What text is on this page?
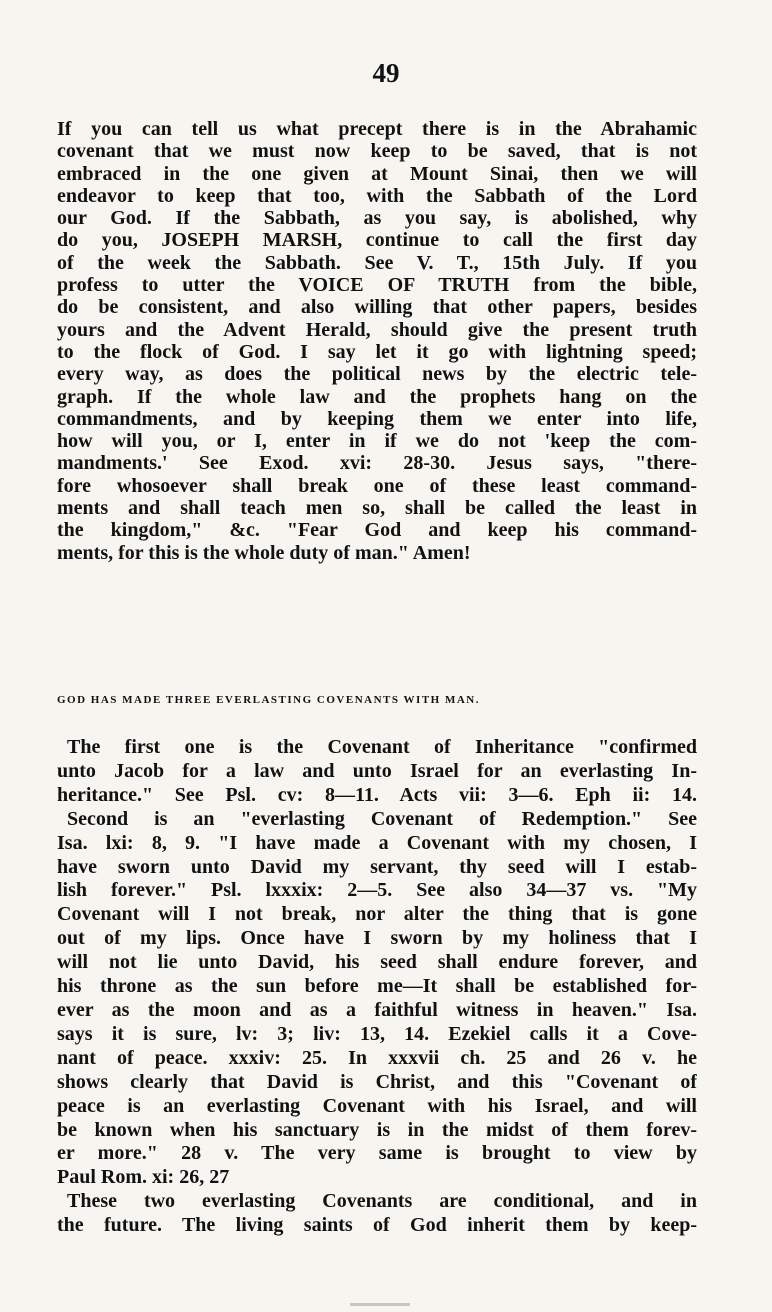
49
If you can tell us what precept there is in the Abrahamic
covenant that we must now keep to be saved, that is not
embraced in the one given at Mount Sinai, then we will
endeavor to keep that too, with the Sabbath of the Lord
our God. If the Sabbath, as you say, is abolished, why
do you, JOSEPH MARSH, continue to call the first day
of the week the Sabbath. See V. T., 15th July. If you
profess to utter the VOICE OF TRUTH from the bible,
do be consistent, and also willing that other papers, besides
yours and the Advent Herald, should give the present truth
to the flock of God. I say let it go with lightning speed;
every way, as does the political news by the electric tele-
graph. If the whole law and the prophets hang on the
commandments, and by keeping them we enter into life,
how will you, or I, enter in if we do not 'keep the com-
mandments.' See Exod. xvi: 28-30. Jesus says, "there-
fore whosoever shall break one of these least command-
ments and shall teach men so, shall be called the least in
the kingdom," &c. "Fear God and keep his command-
ments, for this is the whole duty of man." Amen!
GOD HAS MADE THREE EVERLASTING COVENANTS WITH MAN.
The first one is the Covenant of Inheritance "confirmed
unto Jacob for a law and unto Israel for an everlasting In-
heritance." See Psl. cv: 8—11. Acts vii: 3—6. Eph ii: 14.
Second is an "everlasting Covenant of Redemption." See
Isa. lxi: 8, 9. "I have made a Covenant with my chosen, I
have sworn unto David my servant, thy seed will I estab-
lish forever." Psl. lxxxix: 2—5. See also 34—37 vs. "My
Covenant will I not break, nor alter the thing that is gone
out of my lips. Once have I sworn by my holiness that I
will not lie unto David, his seed shall endure forever, and
his throne as the sun before me—It shall be established for-
ever as the moon and as a faithful witness in heaven." Isa.
says it is sure, lv: 3; liv: 13, 14. Ezekiel calls it a Cove-
nant of peace. xxxiv: 25. In xxxvii ch. 25 and 26 v. he
shows clearly that David is Christ, and this "Covenant of
peace is an everlasting Covenant with his Israel, and will
be known when his sanctuary is in the midst of them forev-
er more." 28 v. The very same is brought to view by
Paul Rom. xi: 26, 27
These two everlasting Covenants are conditional, and in
the future. The living saints of God inherit them by keep-
